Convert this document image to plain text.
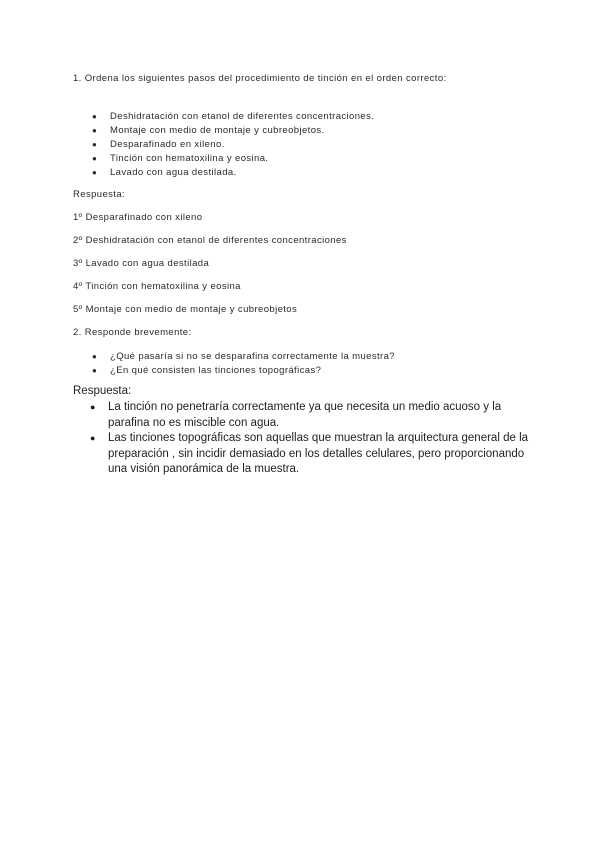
1. Ordena los siguientes pasos del procedimiento de tinción en el orden correcto:
● Deshidratación con etanol de diferentes concentraciones.
● Montaje con medio de montaje y cubreobjetos.
● Desparafinado en xileno.
● Tinción con hematoxilina y eosina.
● Lavado con agua destilada.
Respuesta:
1º Desparafinado con xileno
2º Deshidratación con etanol de diferentes concentraciones
3º Lavado con agua destilada
4º Tinción con hematoxilina y eosina
5º Montaje con medio de montaje y cubreobjetos
2. Responde brevemente:
● ¿Qué pasaría si no se desparafina correctamente la muestra?
● ¿En qué consisten las tinciones topográficas?
Respuesta:
● La tinción no penetraría correctamente ya que necesita un medio acuoso y la parafina no es miscible con agua.
● Las tinciones topográficas son aquellas que muestran la arquitectura general de la preparación , sin incidir demasiado en los detalles celulares, pero proporcionando una visión panorámica de la muestra.
